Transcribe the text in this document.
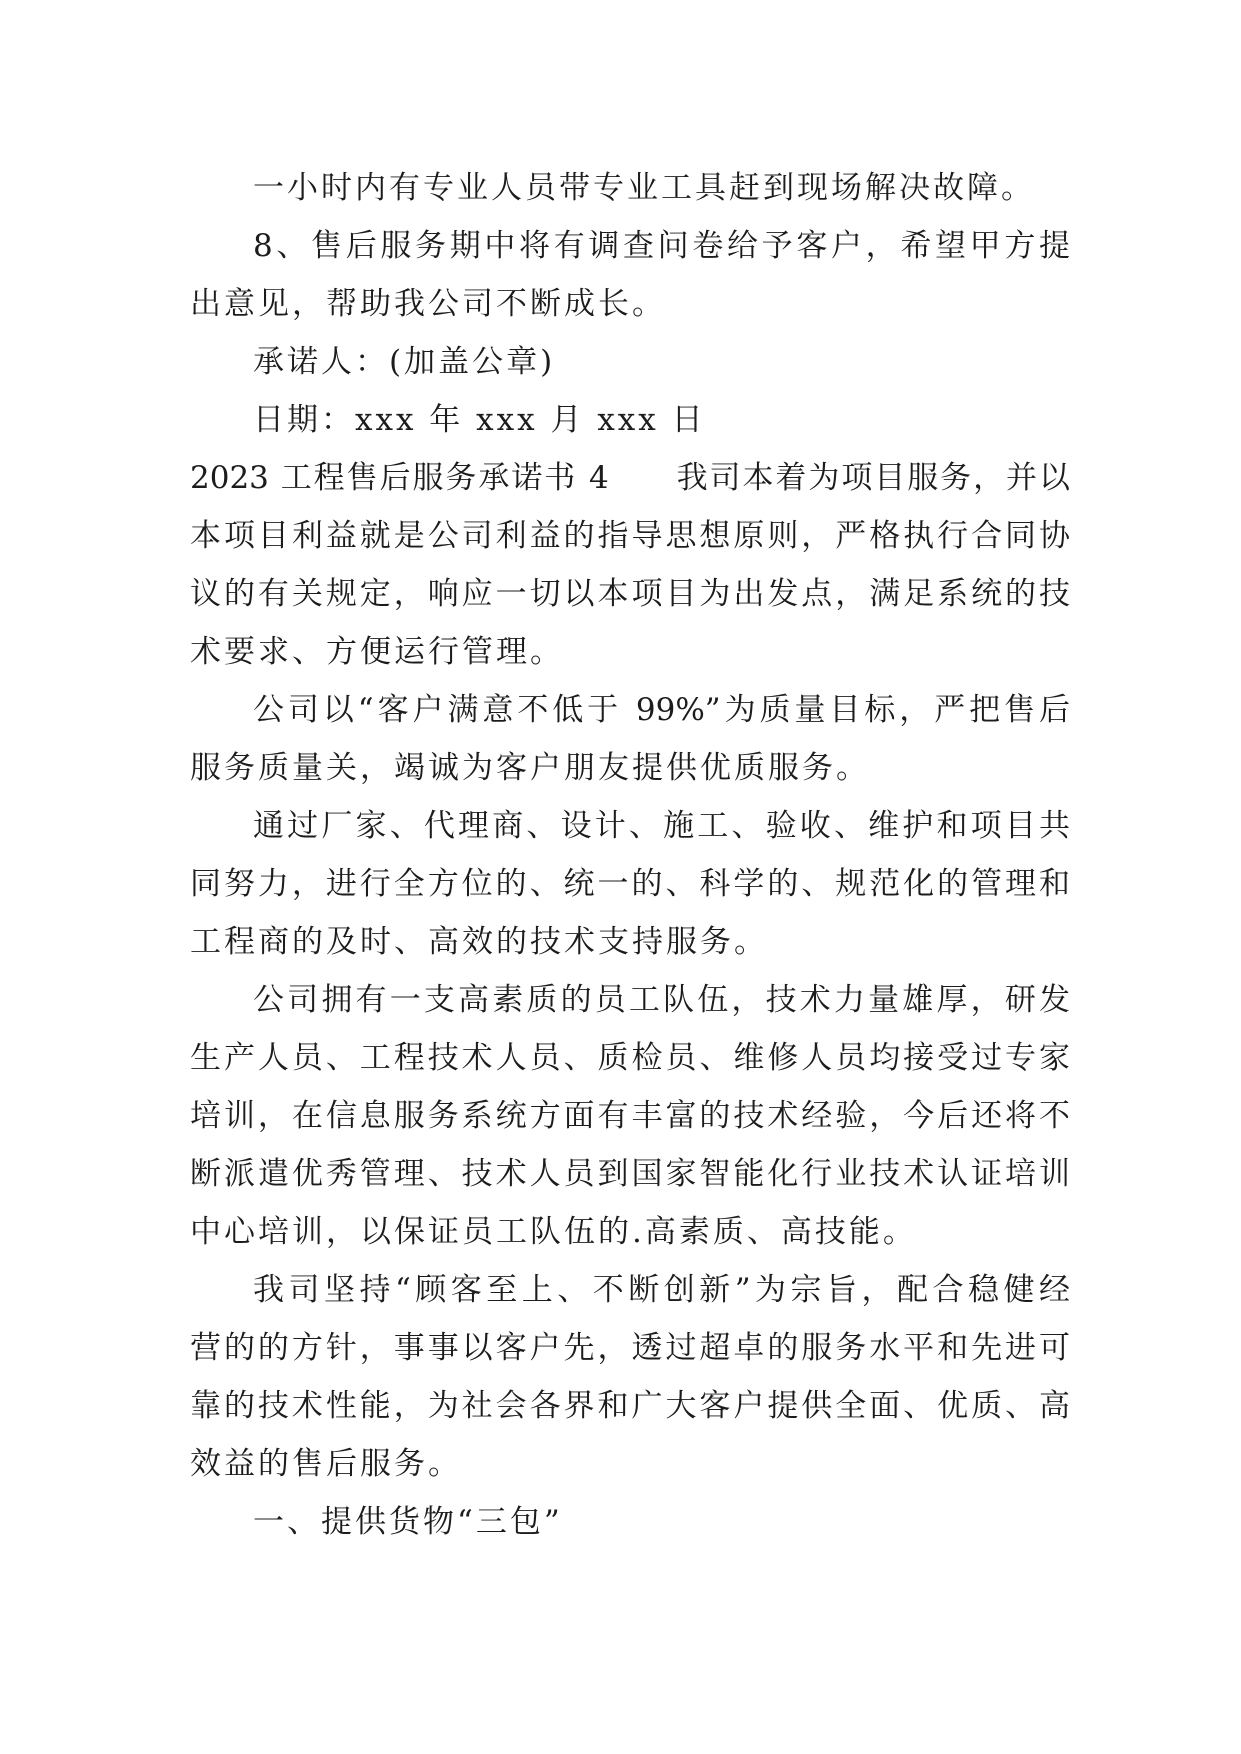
一小时内有专业人员带专业工具赶到现场解决故障。

8、售后服务期中将有调查问卷给予客户，希望甲方提

出意见，帮助我公司不断成长。

承诺人：(加盖公章)

日期：xxx 年 xxx 月 xxx 日

2023 工程售后服务承诺书 4　　我司本着为项目服务，并以

本项目利益就是公司利益的指导思想原则，严格执行合同协

议的有关规定，响应一切以本项目为出发点，满足系统的技

术要求、方便运行管理。

公司以“客户满意不低于 99%”为质量目标，严把售后

服务质量关，竭诚为客户朋友提供优质服务。

通过厂家、代理商、设计、施工、验收、维护和项目共

同努力，进行全方位的、统一的、科学的、规范化的管理和

工程商的及时、高效的技术支持服务。

公司拥有一支高素质的员工队伍，技术力量雄厚，研发

生产人员、工程技术人员、质检员、维修人员均接受过专家

培训，在信息服务系统方面有丰富的技术经验，今后还将不

断派遣优秀管理、技术人员到国家智能化行业技术认证培训

中心培训，以保证员工队伍的.高素质、高技能。

我司坚持“顾客至上、不断创新”为宗旨，配合稳健经

营的的方针，事事以客户先，透过超卓的服务水平和先进可

靠的技术性能，为社会各界和广大客户提供全面、优质、高

效益的售后服务。

一、提供货物“三包”
